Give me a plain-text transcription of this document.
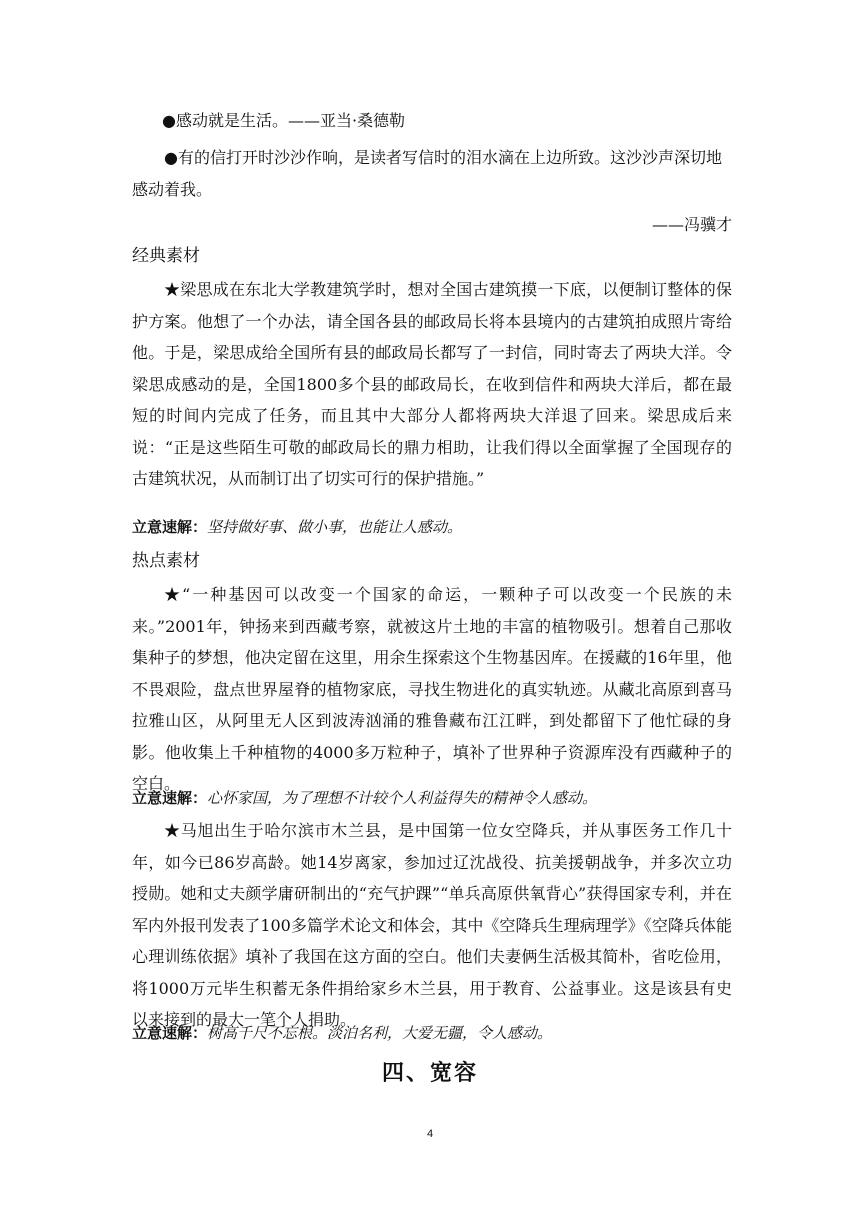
●感动就是生活。——亚当·桑德勒
●有的信打开时沙沙作响，是读者写信时的泪水滴在上边所致。这沙沙声深切地感动着我。
——冯骥才
经典素材
★梁思成在东北大学教建筑学时，想对全国古建筑摸一下底，以便制订整体的保护方案。他想了一个办法，请全国各县的邮政局长将本县境内的古建筑拍成照片寄给他。于是，梁思成给全国所有县的邮政局长都写了一封信，同时寄去了两块大洋。令梁思成感动的是，全国1800多个县的邮政局长，在收到信件和两块大洋后，都在最短的时间内完成了任务，而且其中大部分人都将两块大洋退了回来。梁思成后来说：“正是这些陌生可敬的邮政局长的鼎力相助，让我们得以全面掌握了全国现存的古建筑状况，从而制订出了切实可行的保护措施。”
立意速解：坚持做好事、做小事，也能让人感动。
热点素材
★“一种基因可以改变一个国家的命运，一颗种子可以改变一个民族的未来。”2001年，钟扬来到西藏考察，就被这片土地的丰富的植物吸引。想着自己那收集种子的梦想，他决定留在这里，用余生探索这个生物基因库。在援藏的16年里，他不畏艰险，盘点世界屋脊的植物家底，寻找生物进化的真实轨迹。从藏北高原到喜马拉雅山区，从阿里无人区到波涛汹涌的雅鲁藏布江江畔，到处都留下了他忙碌的身影。他收集上千种植物的4000多万粒种子，填补了世界种子资源库没有西藏种子的空白。
立意速解：心怀家国，为了理想不计较个人利益得失的精神令人感动。
★马旭出生于哈尔滨市木兰县，是中国第一位女空降兵，并从事医务工作几十年，如今已86岁高龄。她14岁离家，参加过辽沈战役、抗美援朝战争，并多次立功授勋。她和丈夫颜学庸研制出的“充气护踝”“单兵高原供氧背心”获得国家专利，并在军内外报刊发表了100多篇学术论文和体会，其中《空降兵生理病理学》《空降兵体能心理训练依据》填补了我国在这方面的空白。他们夫妻俩生活极其简朴，省吃俭用，将1000万元毕生积蓄无条件捐给家乡木兰县，用于教育、公益事业。这是该县有史以来接到的最大一笔个人捐助。
立意速解：树高千尺不忘根。淡泊名利，大爱无疆，令人感动。
四、宽容
4
